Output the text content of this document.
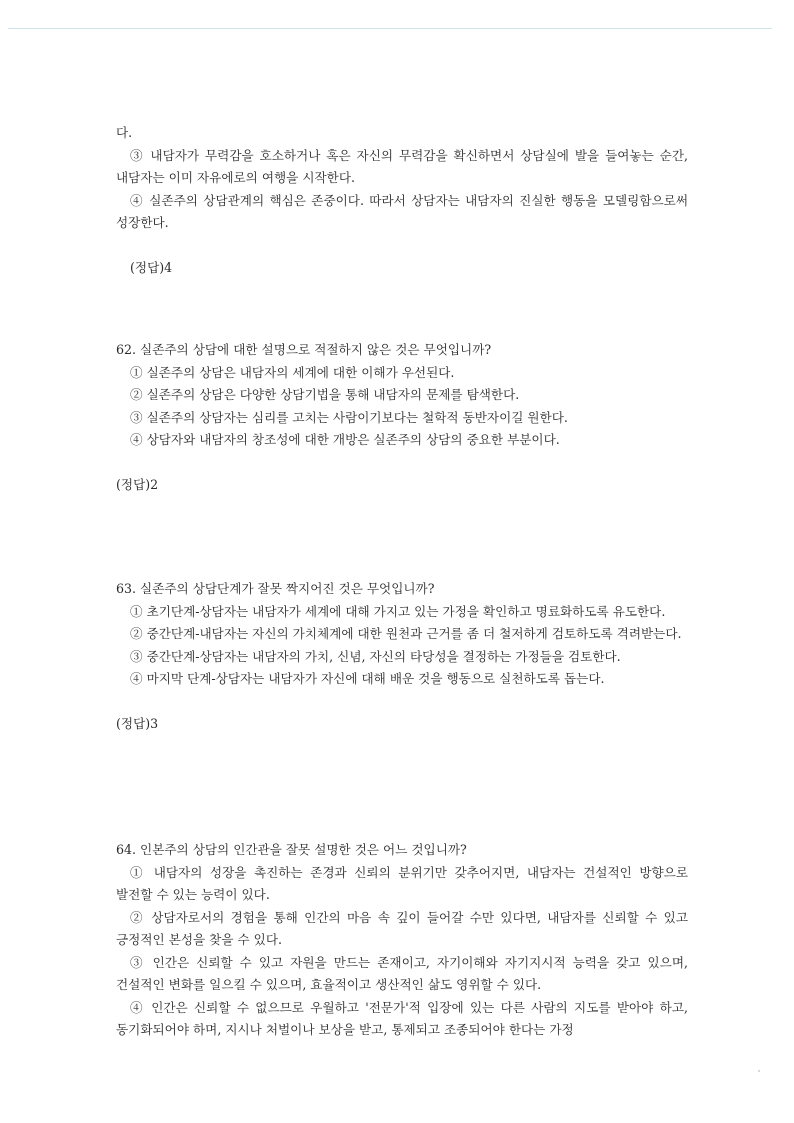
다.

③ 내담자가 무력감을 호소하거나 혹은 자신의 무력감을 확신하면서 상담실에 발을 들여놓는 순간, 내담자는 이미 자유에로의 여행을 시작한다.

④ 실존주의 상담관계의 핵심은 존중이다. 따라서 상담자는 내담자의 진실한 행동을 모델링함으로써 성장한다.

(정답)4

62. 실존주의 상담에 대한 설명으로 적절하지 않은 것은 무엇입니까?

① 실존주의 상담은 내담자의 세계에 대한 이해가 우선된다.

② 실존주의 상담은 다양한 상담기법을 통해 내담자의 문제를 탐색한다.

③ 실존주의 상담자는 심리를 고치는 사람이기보다는 철학적 동반자이길 원한다.

④ 상담자와 내담자의 창조성에 대한 개방은 실존주의 상담의 중요한 부분이다.

(정답)2

63. 실존주의 상담단계가 잘못 짝지어진 것은 무엇입니까?

① 초기단계-상담자는 내담자가 세계에 대해 가지고 있는 가정을 확인하고 명료화하도록 유도한다.

② 중간단계-내담자는 자신의 가치체계에 대한 원천과 근거를 좀 더 철저하게 검토하도록 격려받는다.

③ 중간단계-상담자는 내담자의 가치, 신념, 자신의 타당성을 결정하는 가정들을 검토한다.

④ 마지막 단계-상담자는 내담자가 자신에 대해 배운 것을 행동으로 실천하도록 돕는다.

(정답)3

64. 인본주의 상담의 인간관을 잘못 설명한 것은 어느 것입니까?

① 내담자의 성장을 촉진하는 존경과 신뢰의 분위기만 갖추어지면, 내담자는 건설적인 방향으로 발전할 수 있는 능력이 있다.

② 상담자로서의 경험을 통해 인간의 마음 속 깊이 들어갈 수만 있다면, 내담자를 신뢰할 수 있고 긍정적인 본성을 찾을 수 있다.

③ 인간은 신뢰할 수 있고 자원을 만드는 존재이고, 자기이해와 자기지시적 능력을 갖고 있으며, 건설적인 변화를 일으킬 수 있으며, 효율적이고 생산적인 삶도 영위할 수 있다.

④ 인간은 신뢰할 수 없으므로 우월하고 '전문가'적 입장에 있는 다른 사람의 지도를 받아야 하고, 동기화되어야 하며, 지시나 처벌이나 보상을 받고, 통제되고 조종되어야 한다는 가정
